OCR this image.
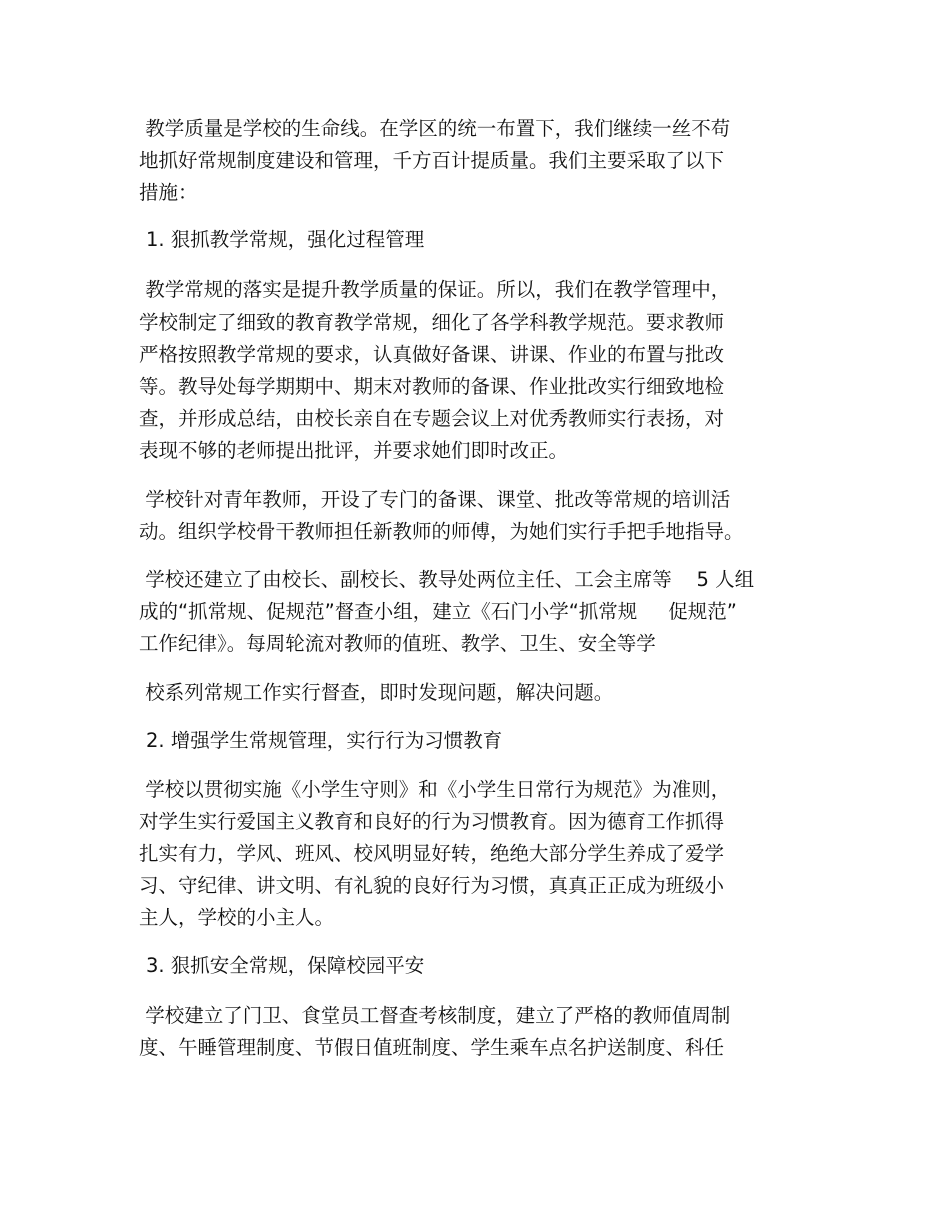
教学质量是学校的生命线。在学区的统一布置下，我们继续一丝不苟
地抓好常规制度建设和管理，千方百计提质量。我们主要采取了以下
措施：
1. 狠抓教学常规，强化过程管理
教学常规的落实是提升教学质量的保证。所以，我们在教学管理中，
学校制定了细致的教育教学常规，细化了各学科教学规范。要求教师
严格按照教学常规的要求，认真做好备课、讲课、作业的布置与批改
等。教导处每学期期中、期末对教师的备课、作业批改实行细致地检
查，并形成总结，由校长亲自在专题会议上对优秀教师实行表扬，对
表现不够的老师提出批评，并要求她们即时改正。
学校针对青年教师，开设了专门的备课、课堂、批改等常规的培训活
动。组织学校骨干教师担任新教师的师傅，为她们实行手把手地指导。
学校还建立了由校长、副校长、教导处两位主任、工会主席等    5 人组
成的“抓常规、促规范”督查小组，建立《石门小学“抓常规     促规范”
工作纪律》。每周轮流对教师的值班、教学、卫生、安全等学
校系列常规工作实行督查，即时发现问题，解决问题。
2. 增强学生常规管理，实行行为习惯教育
学校以贯彻实施《小学生守则》和《小学生日常行为规范》为准则，
对学生实行爱国主义教育和良好的行为习惯教育。因为德育工作抓得
扎实有力，学风、班风、校风明显好转，绝绝大部分学生养成了爱学
习、守纪律、讲文明、有礼貌的良好行为习惯，真真正正成为班级小
主人，学校的小主人。
3. 狠抓安全常规，保障校园平安
学校建立了门卫、食堂员工督查考核制度，建立了严格的教师值周制
度、午睡管理制度、节假日值班制度、学生乘车点名护送制度、科任
